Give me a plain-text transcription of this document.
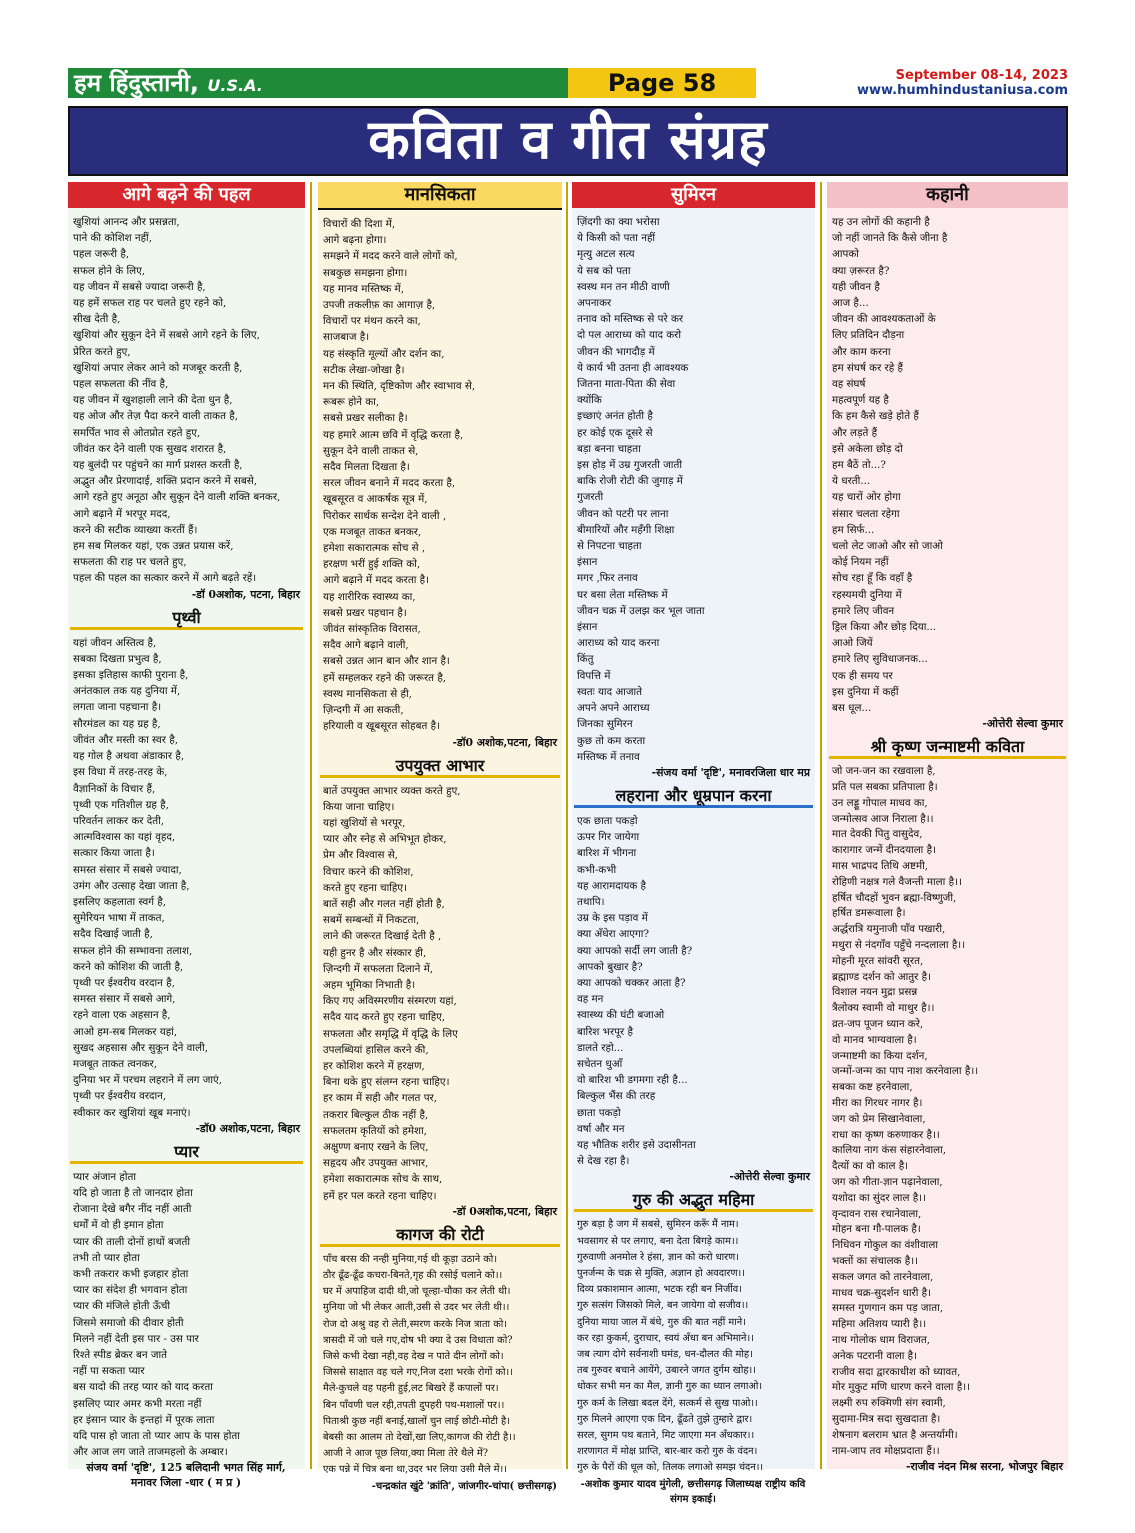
हम हिंदुस्तानी, U.S.A.	Page 58	September 08-14, 2023
www.humhindustaniusa.com
कविता व गीत संग्रह
आगे बढ़ने की पहल
खुशियां आनन्द और प्रसन्नता,
पाने की कोशिश नहीं,
पहल जरूरी है,
सफल होने के लिए,
यह जीवन में सबसे ज्यादा जरूरी है,
यह हमें सफल राह पर चलते हुए रहने को,
सीख देती है,
खुशियां और सुकून देने में सबसे आगे रहने के लिए,
प्रेरित करते हुए,
खुशियां अपार लेकर आने को मजबूर करती है,
पहल सफलता की नींव है,
यह जीवन में खुशहाली लाने की देता धुन है,
यह ओज और तेज़ पैदा करने वाली ताकत है,
समर्पित भाव से ओतप्रोत रहते हुए,
जीवंत कर देने वाली एक सुखद शरारत है,
यह बुलंदी पर पहुंचने का मार्ग प्रशस्त करती है,
अद्भुत और प्रेरणादाई, शक्ति प्रदान करने में सबसे,
आगे रहते हुए अनूठा और सुकून देने वाली शक्ति बनकर,
आगे बढ़ाने में भरपूर मदद,
करने की सटीक व्याख्या करतीं हैं।
हम सब मिलकर यहां, एक उन्नत प्रयास करें,
सफलता की राह पर चलते हुए,
पहल की पहल का सत्कार करने में आगे बढ़ते रहें।
-डॉ 0अशोक, पटना, बिहार
पृथ्वी
यहां जीवन अस्तित्व है,
सबका दिखता प्रभुत्व है,
इसका इतिहास काफी पुराना है,
अनंतकाल तक यह दुनिया में,
लगता जाना पहचाना है।
सौरमंडल का यह ग्रह है,
जीवंत और मस्ती का स्वर है,
यह गोल है अथवा अंडाकार है,
इस विधा में तरह-तरह के,
वैज्ञानिकों के विचार हैं,
पृथ्वी एक गतिशील ग्रह है,
परिवर्तन लाकर कर देती,
आत्मविश्वास का यहां वृहद,
सत्कार किया जाता है।
समस्त संसार में सबसे ज्यादा,
उमंग और उत्साह देखा जाता है,
इसलिए कहलाता स्वर्ग है,
सुमेरियन भाषा में ताकत,
सदैव दिखाई जाती है,
सफल होने की सम्भावना तलाश,
करने को कोशिश की जाती है,
पृथ्वी पर ईश्वरीय वरदान है,
समस्त संसार में सबसे आगे,
रहने वाला एक अहसान है,
आओ हम-सब मिलकर यहां,
सुखद अहसास और सुकून देने वाली,
मजबूत ताकत त्वनकर,
दुनिया भर में परचम लहराने में लग जाएं,
पृथ्वी पर ईश्वरीय वरदान,
स्वीकार कर खुशियां खूब मनाएं।
-डॉ0 अशोक,पटना, बिहार
प्यार
प्यार अंजान होता
यदि हो जाता है तो जानदार होता
रोजाना देखे बगैर नींद नहीं आती
धर्मों में वो ही इमान होता
प्यार की ताली दोनों हाथों बजती
तभी तो प्यार होता
कभी तकरार कभी इजहार होता
प्यार का संदेश ही भगवान होता
प्यार की मंजिले होती ऊँची
जिसमे समाजो की दीवार होती
मिलने नहीं देती इस पार - उस पार
रिश्ते स्पीड ब्रेकर बन जाते
नहीं पा सकता प्यार
बस यादो की तरह प्यार को याद करता
इसलिए प्यार अमर कभी मरता नहीं
हर इंसान प्यार के इन्तहां में पूरक लाता
यदि पास हो जाता तो प्यार आप के पास होता
और आज लग जाते ताजमहलो के अम्बार।
संजय वर्मा 'दृष्टि', 125 बलिदानी भगत सिंह मार्ग, मनावर जिला -धार ( म प्र )
मानसिकता
विचारों की दिशा में,
आगे बढ़ना होगा।
समझने में मदद करने वाले लोगों को,
सबकुछ समझना होगा।
यह मानव मस्तिष्क में,
उपजी तकलीफ़ का आगाज़ है,
विचारों पर मंथन करने का,
साजबाज है।
यह संस्कृति मूल्यों और दर्शन का,
सटीक लेखा-जोखा है।
मन की स्थिति, दृष्टिकोण और स्वाभाव से,
रूबरू होने का,
सबसे प्रखर सलीका है।
यह हमारे आत्म छवि में वृद्धि करता है,
सुकून देने वाली ताकत से,
सदैव मिलता दिखता है।
सरल जीवन बनाने में मदद करता है,
खूबसूरत व आकर्षक सूत्र में,
पिरोकर सार्थक सन्देश देने वाली ,
एक मजबूत ताकत बनकर,
हमेशा सकारात्मक सोच से ,
हरक्षण भरीं हुई शक्ति को,
आगे बढ़ाने में मदद करता है।
यह शारीरिक स्वास्थ्य का,
सबसे प्रखर पहचान है।
जीवंत सांस्कृतिक विरासत,
सदैव आगे बढ़ाने वाली,
सबसे उन्नत आन बान और शान है।
हमें सम्हलकर रहने की जरूरत है,
स्वस्थ मानसिकता से ही,
ज़िन्दगी में आ सकती,
हरियाली व खूबसूरत सोहबत है।
-डॉ0 अशोक,पटना, बिहार
उपयुक्त आभार
बातें उपयुक्त आभार व्यक्त करते हुए,
किया जाना चाहिए।
यहां खुशियों से भरपूर,
प्यार और स्नेह से अभिभूत होकर,
प्रेम और विश्वास से,
विचार करने की कोशिश,
करते हुए रहना चाहिए।
बातें सही और गलत नहीं होती है,
सबमें सम्बन्धों में निकटता,
लाने की जरूरत दिखाई देती है ,
यही हुनर है और संस्कार ही,
ज़िन्दगी में सफलता दिलाने में,
अहम भूमिका निभाती है।
किए गए अविस्मरणीय संस्मरण यहां,
सदैव याद करते हुए रहना चाहिए,
सफलता और समृद्धि में वृद्धि के लिए
उपलब्धियां हासिल करने की,
हर कोशिश करने में हरक्षण,
बिना थके हुए संलग्न रहना चाहिए।
हर काम में सही और गलत पर,
तकरार बिल्कुल ठीक नहीं है,
सफलतम कृतियों को हमेशा,
अक्षुण्ण बनाए रखने के लिए,
सहृदय और उपयुक्त आभार,
हमेशा सकारात्मक सोच के साथ,
हमें हर पल करते रहना चाहिए।
-डॉ 0अशोक,पटना, बिहार
कागज की रोटी
पाँच बरस की नन्ही मुनिया,गई थी कूड़ा उठाने को।
ठौर ढूँढ-ढूँढ कचरा-बिनते,गृह की रसोई चलाने को।।
घर में अपाहिज दादी थी,जो चूल्हा-चौका कर लेती थी।
मुनिया जो भी लेकर आती,उसी से उदर भर लेती थी।।
रोज दो अश्रु वह रो लेती,स्मरण करके निज त्राता को।
त्रासदी में जो चले गए,दोष भी क्या दे उस विधाता को?
जिसे कभी देखा नही,वह देख न पाते दीन लोगों को।
जिससे साक्षात वह चले गए,निज दशा भरके रोगों को।।
मैले-कुचले वह पहनी हुई,लट बिखरे हैं कपालों पर।
बिन पाँवणी चल रही,तपती दुपहरी पथ-मशालों पर।।
पिताश्री कुछ नहीं बनाई,खालों चुन लाई छोटी-मोटी है।
बेबसी का आलम तो देखों,खा लिए,कागज की रोटी है।।
आजी ने आज पूछ लिया,क्या मिला तेरे थैले में?
एक पन्ने में चित्र बना था,उदर भर लिया उसी मैले में।।
-चन्द्रकांत खुंटे 'क्रांति', जांजगीर-चांपा( छत्तीसगढ़)
सुमिरन
ज़िंदगी का क्या भरोसा
ये किसी को पता नहीं
मृत्यु अटल सत्य
ये सब को पता
स्वस्थ मन तन मीठी वाणी
अपनाकर
तनाव को मस्तिष्क से परे कर
दो पल आराध्य को याद करो
जीवन की भागदौड़ में
ये कार्य भी उतना ही आवश्यक
जितना माता-पिता की सेवा
क्योंकि
इच्छाएं अनंत होती है
हर कोई एक दूसरे से
बड़ा बनना चाहता
इस होड़ में उम्र गुजरती जाती
बाकि रोजी रोटी की जुगाड़ में
गुजरती
जीवन को पटरी पर लाना
बीमारियों और महँगी शिक्षा
से निपटना चाहता
इंसान
मगर ,फिर तनाव
घर बसा लेता मस्तिष्क में
जीवन चक्र में उलझ कर भूल जाता
इंसान
आराध्य को याद करना
किंतु
विपत्ति में
स्वतः याद आजाते
अपने अपने आराध्य
जिनका सुमिरन
कुछ तो कम करता
मस्तिष्क में तनाव
-संजय वर्मा 'दृष्टि', मनावरजिला धार मप्र
लहराना और धूम्रपान करना
एक छाता पकड़ो
ऊपर गिर जायेगा
बारिश में भीगना
कभी-कभी
यह आरामदायक है
तथापि।
उम्र के इस पड़ाव में
क्या अँधेरा आएगा?
क्या आपको सर्दी लग जाती है?
आपको बुखार है?
क्या आपको चक्कर आता है?
वह मन
स्वास्थ्य की घंटी बजाओ
बारिश भरपूर है
डालते रहो...
सचेतन धुआँ
वो बारिश भी डगमगा रही है...
बिल्कुल भैंस की तरह
छाता पकड़ो
वर्षा और मन
यह भौतिक शरीर इसे उदासीनता
से देख रहा है।
-ओत्तेरी सेल्वा कुमार
गुरु की अद्भुत महिमा
गुरु बड़ा है जग में सबसे, सुमिरन करूँ मैं नाम।
भवसागर से पर लगाए, बना देता बिगड़े काम।।
गुरुवाणी अनमोल रे हंसा, ज्ञान को करो धारण।
पुनर्जन्म के चक्र से मुक्ति, अज्ञान हो अवदारण।।
दिव्य प्रकाशमान आत्मा, भटक रही बन निर्जीव।
गुरु सत्संग जिसको मिले, बन जायेगा वो सजीव।।
दुनिया माया जाल में बंधे, गुरु की बात नहीं माने।
कर रहा कुकर्म, दुराचार, स्वयं अँधा बन अभिमाने।।
जब त्याग दोगे सर्वनाशी घमंड, धन-दौलत की मोह।
तब गुरुवर बचाने आयेंगे, उबारने जगत दुर्गम खोह।।
धोकर सभी मन का मैल, ज्ञानी गुरु का ध्यान लगाओ।
गुरु कर्म के लिखा बदल देंगे, सत्कर्म से सुख पाओ।।
गुरु मिलने आएगा एक दिन, ढूँढते तुझे तुम्हारे द्वार।
सरल, सुगम पथ बताने, मिट जाएगा मन अँधकार।।
शरणागत में मोक्ष प्राप्ति, बार-बार करो गुरु के वंदन।
गुरु के पैरों की धूल को, तिलक लगाओ समझ चंदन।।
-अशोक कुमार यादव मुंगेली, छत्तीसगढ़ जिलाध्यक्ष राष्ट्रीय कवि संगम इकाई।
कहानी
यह उन लोगों की कहानी है
जो नहीं जानते कि कैसे जीना है
आपको
क्या ज़रूरत है?
यही जीवन है
आज है...
जीवन की आवश्यकताओं के
लिए प्रतिदिन दौड़ना
और काम करना
हम संघर्ष कर रहे हैं
वह संघर्ष
महत्वपूर्ण यह है
कि हम कैसे खड़े होते हैं
और लड़ते हैं
इसे अकेला छोड़ दो
हम बैठें तो...?
ये धरती...
यह चारों ओर होगा
संसार चलता रहेगा
हम सिर्फ...
चलो लेट जाओ और सो जाओ
कोई नियम नहीं
सोच रहा हूँ कि वहाँ है
रहस्यमयी दुनिया में
हमारे लिए जीवन
ड्रिल किया और छोड़ दिया...
आओ जियें
हमारे लिए सुविधाजनक...
एक ही समय पर
इस दुनिया में कहीं
बस धूल...
-ओत्तेरी सेल्वा कुमार
श्री कृष्ण जन्माष्टमी कविता
जो जन-जन का रखवाला है,
प्रति पल सबका प्रतिपाला है।
उन लड्डू गोपाल माधव का,
जन्मोत्सव आज निराला है।।
मात देवकी पितु वासुदेव,
कारागार जन्में दीनदयाला है।
मास भाद्रपद तिथि अष्टमी,
रोहिणी नक्षत्र गले वैजन्ती माला है।।
हर्षित चौदहों भुवन ब्रह्मा-विष्णुजी,
हर्षित डमरूवाला है।
अर्द्धरात्रि यमुनाजी पाँव पखारी,
मथुरा से नंदगाँव पहुँचे नन्दलाला है।।
मोहनी मूरत सांवरी सूरत,
ब्रह्माण्ड दर्शन को आतुर है।
विशाल नयन मुद्रा प्रसन्न
त्रैलोक्य स्वामी वो माथुर है।।
व्रत-जप पूजन ध्यान करे,
वो मानव भाग्यवाला है।
जन्माष्टमी का किया दर्शन,
जन्मों-जन्म का पाप नाश करनेवाला है।।
सबका कष्ट हरनेवाला,
मीरा का गिरधर नागर है।
जग को प्रेम सिखानेवाला,
राधा का कृष्ण करुणाकर है।।
कालिया नाग कंस संहारनेवाला,
दैत्यों का वो काल है।
जग को गीता-ज्ञान पढ़ानेवाला,
यशोदा का सुंदर लाल है।।
वृन्दावन रास रचानेवाला,
मोहन बना गौ-पालक है।
निधिवन गोकुल का वंशीवाला
भक्तों का संचालक है।।
सकल जगत को तारनेवाला,
माधव चक्र-सुदर्शन धारी है।
समस्त गुणगान कम पड़ जाता,
महिमा अतिशय प्यारी है।।
नाथ गोलोक धाम विराजत,
अनेक पटरानी वाला है।
राजीव सदा द्वारकाधीश को ध्यावत,
मोर मुकुट मणि धारण करने वाला है।।
लक्ष्मी रुप रुक्मिणी संग स्वामी,
सुदामा-मित्र सदा सुखदाता है।
शेषनाग बलराम भ्रात है अन्तर्यामी।
नाम-जाप तव मोक्षप्रदाता हैं।।
-राजीव नंदन मिश्र सरना, भोजपुर बिहार
